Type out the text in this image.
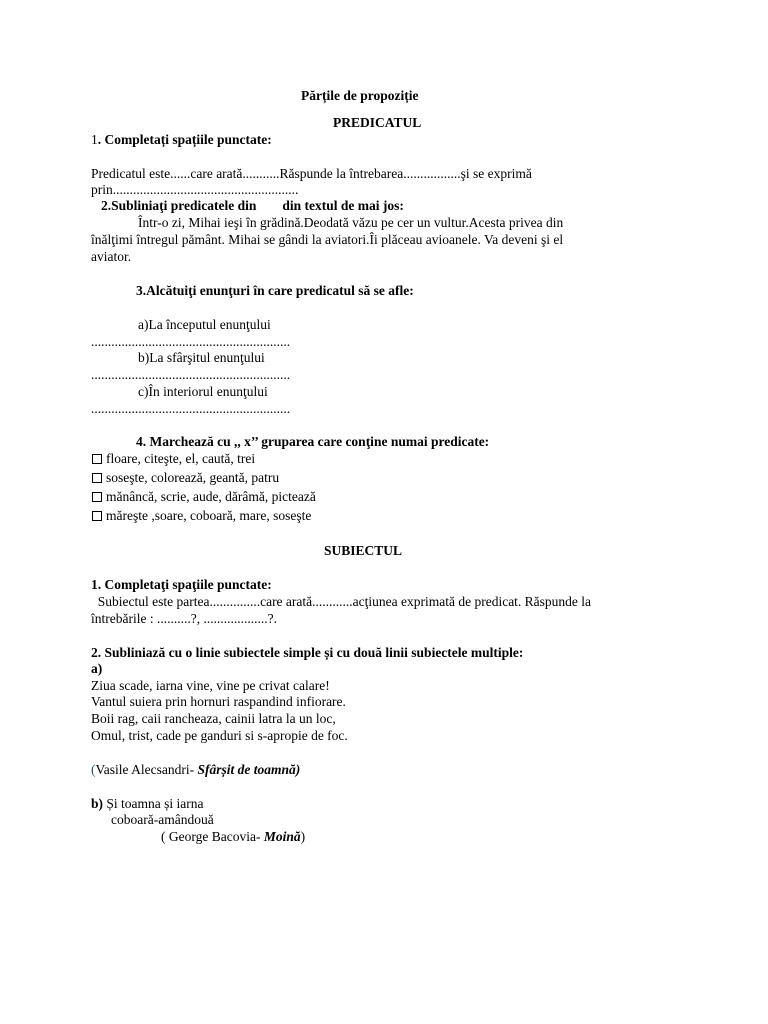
Părțile de propoziție
PREDICATUL
1. Completați spațiile punctate:
Predicatul este......care arată...........Răspunde la întrebarea.................şi se exprimă
prin.......................................................
2.Subliniaţi predicatele din din textul de mai jos:
Într-o zi, Mihai ieşi în grădină.Deodată văzu pe cer un vultur.Acesta privea din
înălţimi întregul pământ. Mihai se gândi la aviatori.Îi plăceau avioanele. Va deveni şi el
aviator.
3.Alcătuiţi enunţuri în care predicatul să se afle:
a)La începutul enunţului
...........................................................
b)La sfârşitul enunţului
...........................................................
c)În interiorul enunţului
...........................................................
4. Marchează cu ,, x’’ gruparea care conţine numai predicate:
floare, citeşte, el, caută, trei
soseşte, colorează, geantă, patru
mănâncă, scrie, aude, dărâmă, pictează
măreşte ,soare, coboară, mare, soseşte
SUBIECTUL
1. Completaţi spaţiile punctate:
Subiectul este partea...............care arată............acţiunea exprimată de predicat. Răspunde la
întrebările : ..........?, ...................?.
2. Subliniază cu o linie subiectele simple și cu două linii subiectele multiple:
a)
Ziua scade, iarna vine, vine pe crivat calare!
Vantul suiera prin hornuri raspandind infiorare.
Boii rag, caii rancheaza, cainii latra la un loc,
Omul, trist, cade pe ganduri si s-apropie de foc.
(Vasile Alecsandri- Sfârșit de toamnă)
b) Și toamna și iarna
coboară-amândouă
( George Bacovia- Moină)
